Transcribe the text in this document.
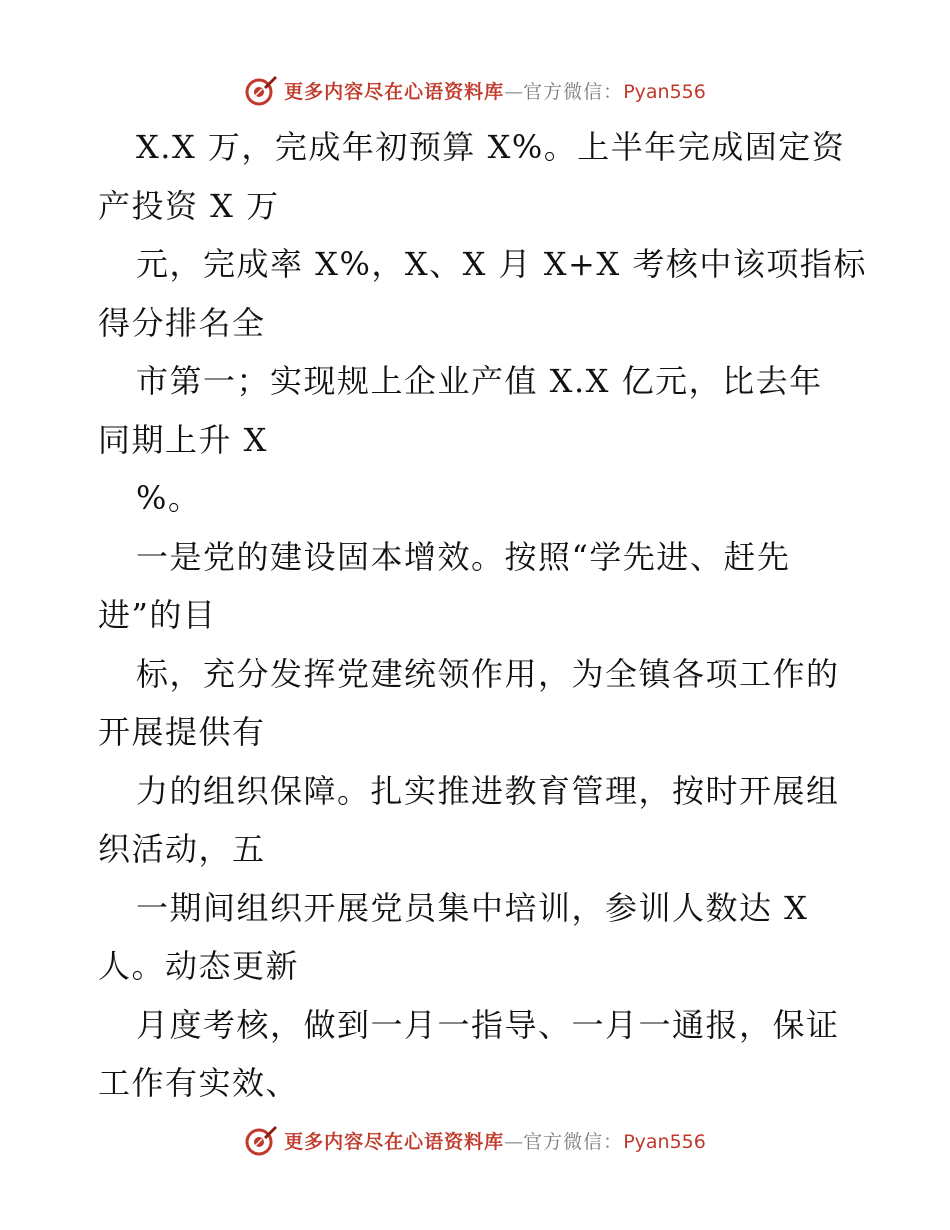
更多内容尽在心语资料库—官方微信：Pyan556
X.X 万，完成年初预算 X%。上半年完成固定资
产投资 X 万
元，完成率 X%，X、X 月 X+X 考核中该项指标
得分排名全
市第一；实现规上企业产值 X.X 亿元，比去年
同期上升 X
%。
一是党的建设固本增效。按照“学先进、赶先
进”的目
标，充分发挥党建统领作用，为全镇各项工作的
开展提供有
力的组织保障。扎实推进教育管理，按时开展组
织活动，五
一期间组织开展党员集中培训，参训人数达 X
人。动态更新
月度考核，做到一月一指导、一月一通报，保证
工作有实效、
更多内容尽在心语资料库—官方微信：Pyan556
